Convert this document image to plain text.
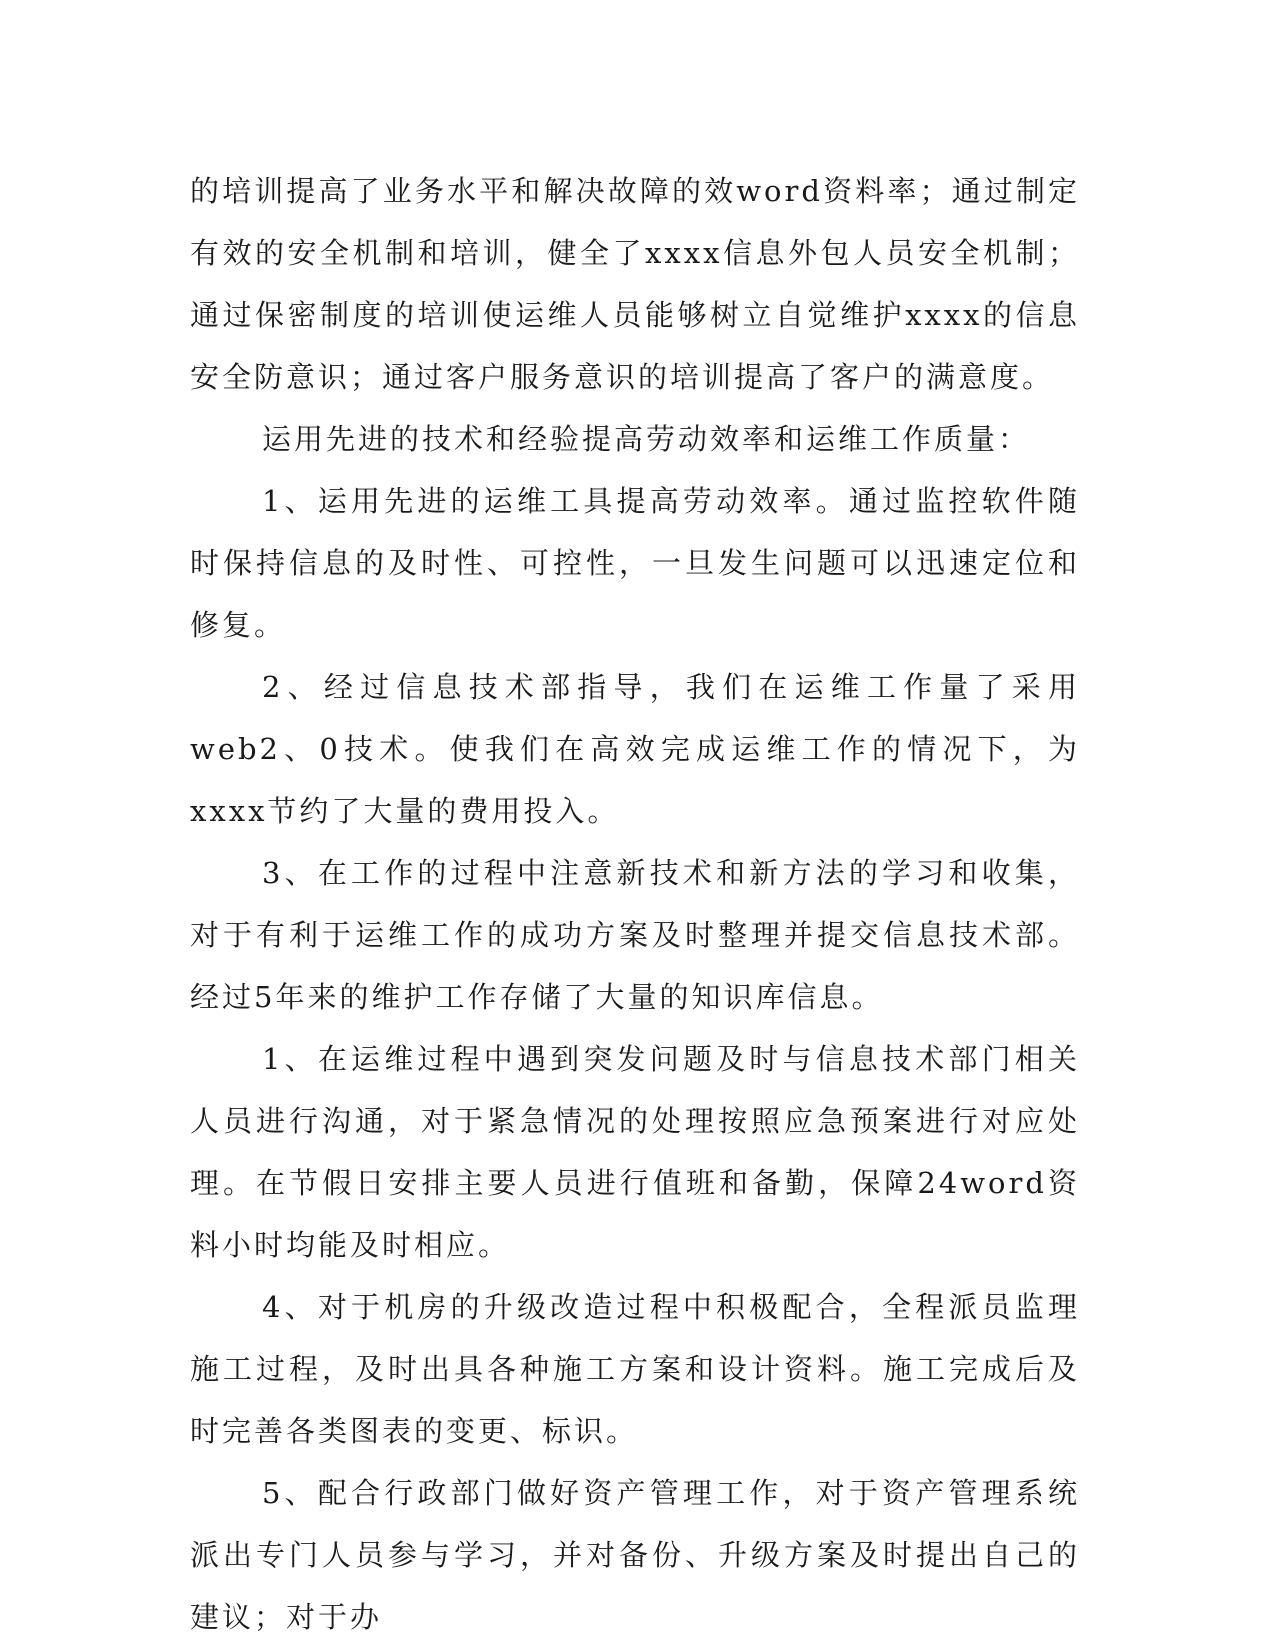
的培训提高了业务水平和解决故障的效word资料率；通过制定有效的安全机制和培训，健全了xxxx信息外包人员安全机制；通过保密制度的培训使运维人员能够树立自觉维护xxxx的信息安全防意识；通过客户服务意识的培训提高了客户的满意度。

运用先进的技术和经验提高劳动效率和运维工作质量：

1、运用先进的运维工具提高劳动效率。通过监控软件随时保持信息的及时性、可控性，一旦发生问题可以迅速定位和修复。

2、经过信息技术部指导，我们在运维工作量了采用web2、0技术。使我们在高效完成运维工作的情况下，为xxxx节约了大量的费用投入。

3、在工作的过程中注意新技术和新方法的学习和收集，对于有利于运维工作的成功方案及时整理并提交信息技术部。经过5年来的维护工作存储了大量的知识库信息。

1、在运维过程中遇到突发问题及时与信息技术部门相关人员进行沟通，对于紧急情况的处理按照应急预案进行对应处理。在节假日安排主要人员进行值班和备勤，保障24word资料小时均能及时相应。

4、对于机房的升级改造过程中积极配合，全程派员监理施工过程，及时出具各种施工方案和设计资料。施工完成后及时完善各类图表的变更、标识。

5、配合行政部门做好资产管理工作，对于资产管理系统派出专门人员参与学习，并对备份、升级方案及时提出自己的建议；对于办
